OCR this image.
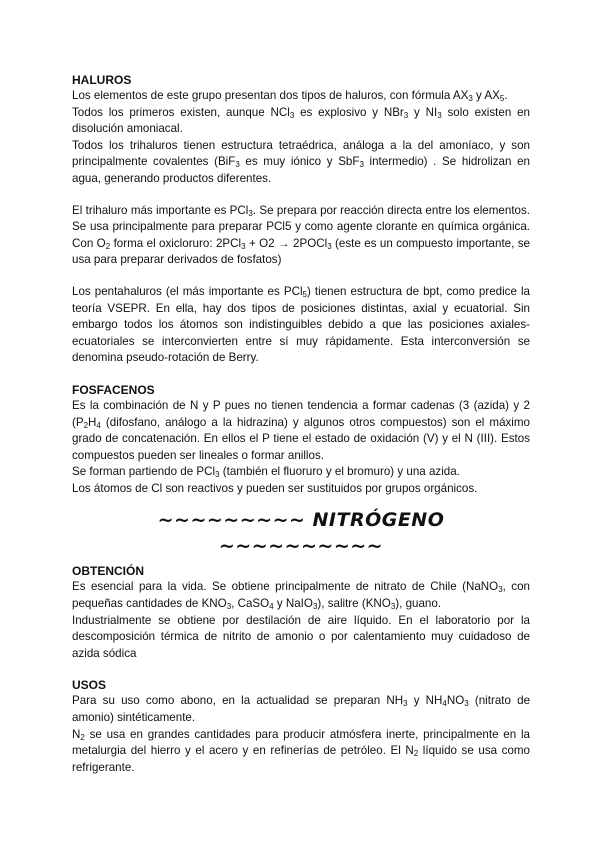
HALUROS

Los elementos de este grupo presentan dos tipos de haluros, con fórmula $AX_3$ y $AX_5$.

Todos los primeros existen, aunque NCl$_3$ es explosivo y NBr$_3$ y $NI_3$ solo existen en disolución amoniacal.

Todos los trihaluros tienen estructura tetraédrica, análoga a la del amoníaco, y son principalmente covalentes (BiF$_3$ es muy iónico y SbF$_3$ intermedio) . Se hidrolizan en agua, generando productos diferentes.

El trihaluro más importante es PCl$_3$. Se prepara por reacción directa entre los elementos. Se usa principalmente para preparar PCl5 y como agente clorante en química orgánica. Con $O_2$ forma el oxicloruro: 2PCl$_3$ + O2 → 2POCl$_3$ (este es un compuesto importante, se usa para preparar derivados de fosfatos)

Los pentahaluros (el más importante es PCl$_5$) tienen estructura de bpt, como predice la teoría VSEPR. En ella, hay dos tipos de posiciones distintas, axial y ecuatorial. Sin embargo todos los átomos son indistinguibles debido a que las posiciones axiales-ecuatoriales se interconvierten entre sí muy rápidamente. Esta interconversión se denomina pseudo-rotación de Berry.

FOSFACENOS

Es la combinación de N y P pues no tienen tendencia a formar cadenas (3 (azida) y 2 ($P_2H_4$ (difosfano, análogo a la hidrazina) y algunos otros compuestos) son el máximo grado de concatenación. En ellos el P tiene el estado de oxidación (V) y el N (III). Estos compuestos pueden ser lineales o formar anillos.

Se forman partiendo de PCl$_3$ (también el fluoruro y el bromuro) y una azida.

Los átomos de Cl son reactivos y pueden ser sustituidos por grupos orgánicos.

~~~~~~~~~ NITRÓGENO ~~~~~~~~~~

OBTENCIÓN

Es esencial para la vida. Se obtiene principalmente de nitrato de Chile (NaNO$_3$, con pequeñas cantidades de $KNO_3$, CaSO$_4$ y NaIO$_3$), salitre $(KNO_3)$, guano.

Industrialmente se obtiene por destilación de aire líquido. En el laboratorio por la descomposición térmica de nitrito de amonio o por calentamiento muy cuidadoso de azida sódica

USOS

Para su uso como abono, en la actualidad se preparan $NH_3$ y $NH_4NO_3$ (nitrato de amonio) sintéticamente.

$N_2$ se usa en grandes cantidades para producir atmósfera inerte, principalmente en la metalurgia del hierro y el acero y en refinerías de petróleo. El $N_2$ líquido se usa como refrigerante.
